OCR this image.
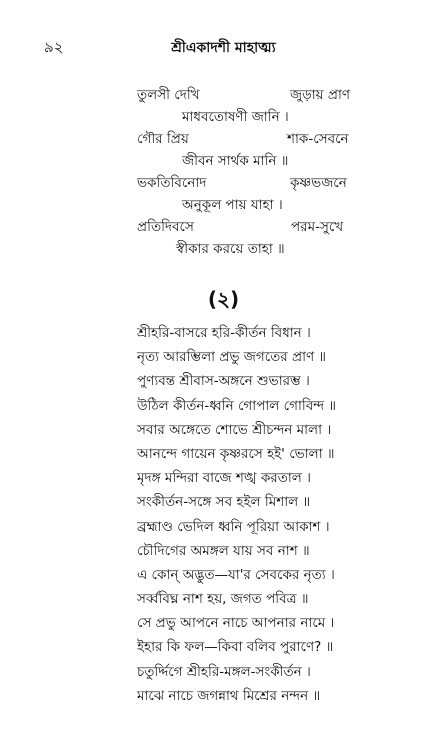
৯২	শ্রীএকাদশী মাহাত্ম্য
তুলসী দেখি	জুড়ায় প্রাণ
মাধবতোষণী জানি ।
গৌর প্রিয়	শাক-সেবনে
জীবন সার্থক মানি ॥
ভকতিবিনোদ	কৃষ্ণভজনে
অনুকূল পায় যাহা ।
প্রতিদিবসে	পরম-সুখে
স্বীকার করয়ে তাহা ॥
(২)
শ্রীহরি-বাসরে হরি-কীর্তন বিধান ।
নৃত্য আরম্ভিলা প্রভু জগতের প্রাণ ॥
পুণ্যবন্ত শ্রীবাস-অঙ্গনে শুভারম্ভ ।
উঠিল কীর্তন-ধ্বনি গোপাল গোবিন্দ ॥
সবার অঙ্গেতে শোভে শ্রীচন্দন মালা ।
আনন্দে গায়েন কৃষ্ণরসে হই' ভোলা ॥
মৃদঙ্গ মন্দিরা বাজে শঙ্খ করতাল ।
সংকীর্তন-সঙ্গে সব হইল মিশাল ॥
ব্রহ্মাণ্ড ভেদিল ধ্বনি পূরিয়া আকাশ ।
চৌদিগের অমঙ্গল যায় সব নাশ ॥
এ কোন্ অদ্ভুত—যা'র সেবকের নৃত্য ।
সর্ব্ববিঘ্ন নাশ হয়, জগত পবিত্র ॥
সে প্রভু আপনে নাচে আপনার নামে ।
ইহার কি ফল—কিবা বলিব পুরাণে? ॥
চতুর্দ্দিগে শ্রীহরি-মঙ্গল-সংকীর্তন ।
মাঝে নাচে জগন্নাথ মিশ্রের নন্দন ॥
